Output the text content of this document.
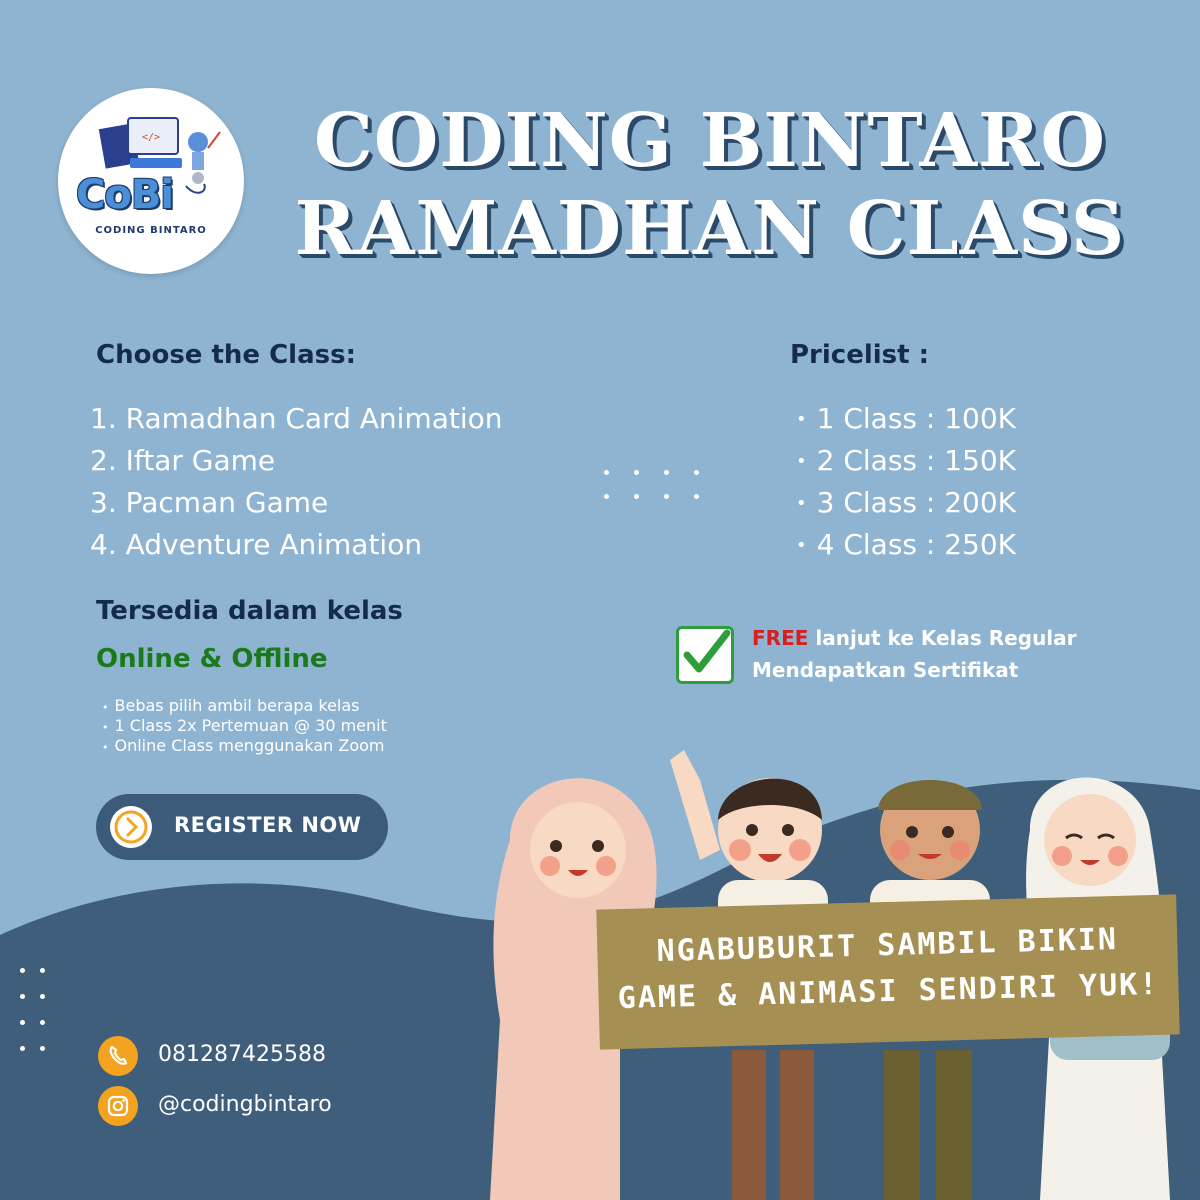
</>
CoBi
CODING BINTARO
CODING BINTARO
RAMADHAN CLASS
Choose the Class:
1. Ramadhan Card Animation
2. Iftar Game
3. Pacman Game
4. Adventure Animation
Pricelist :
• 1 Class : 100K
• 2 Class : 150K
• 3 Class : 200K
• 4 Class : 250K
Tersedia dalam kelas
Online & Offline
• Bebas pilih ambil berapa kelas
• 1 Class 2x Pertemuan @ 30 menit
• Online Class menggunakan Zoom
FREE lanjut ke Kelas Regular
Mendapatkan Sertifikat
REGISTER NOW
081287425588
@codingbintaro
NGABUBURIT SAMBIL BIKIN
GAME & ANIMASI SENDIRI YUK!
